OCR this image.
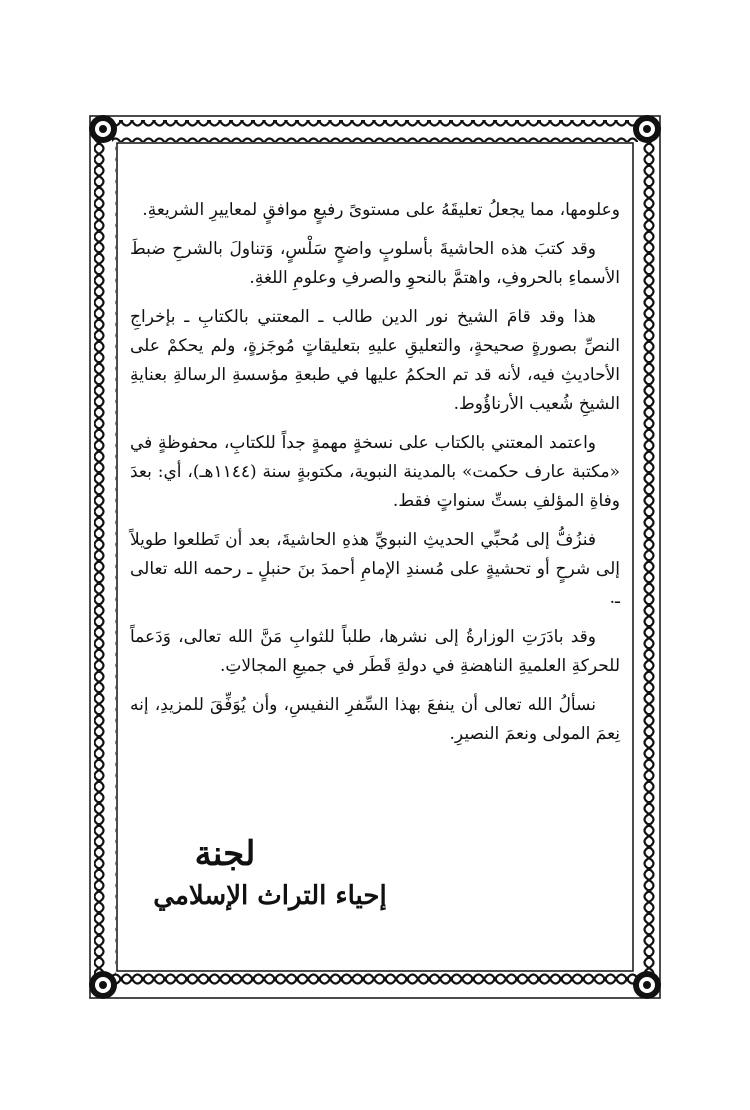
وعلومها، مما يجعلُ تعليقَهُ على مستوىً رفيعٍ موافقٍ لمعاييرِ الشريعةِ.

وقد كتبَ هذه الحاشيةَ بأسلوبٍ واضحٍ سَلْسٍ، وَتناولَ بالشرحِ ضبطَ الأسماءِ بالحروفِ، واهتمَّ بالنحوِ والصرفِ وعلومِ اللغةِ.

هذا وقد قامَ الشيخ نور الدين طالب ـ المعتني بالكتابِ ـ بإخراجِ النصِّ بصورةٍ صحيحةٍ، والتعليقِ عليهِ بتعليقاتٍ مُوجَزةٍ، ولم يحكمْ على الأحاديثِ فيه، لأنه قد تم الحكمُ عليها في طبعةِ مؤسسةِ الرسالةِ بعنايةِ الشيخِ شُعيب الأرناؤُوط.

واعتمد المعتني بالكتاب على نسخةٍ مهمةٍ جداً للكتابِ، محفوظةٍ في «مكتبة عارف حكمت» بالمدينة النبوية، مكتوبةٍ سنة (١١٤٤هـ)، أي: بعدَ وفاةِ المؤلفِ بستِّ سنواتٍ فقط.

فنزُفُّ إلى مُحبِّي الحديثِ النبويِّ هذهِ الحاشيةَ، بعد أن تَطلعوا طويلاً إلى شرحٍ أو تحشيةٍ على مُسندِ الإمامِ أحمدَ بنَ حنبلٍ ـ رحمه الله تعالى ـ.

وقد بادَرَتِ الوزارةُ إلى نشرها، طلباً للثوابِ مَنَّ الله تعالى، وَدَعماً للحركةِ العلميةِ الناهضةِ في دولةِ قَطَر في جميعِ المجالاتِ.

نسألُ الله تعالى أن ينفعَ بهذا السِّفرِ النفيسِ، وأن يُوَفِّقَ للمزيدِ، إنه نِعمَ المولى ونعمَ النصيرِ.

لجنة
إحياء التراث الإسلامي
